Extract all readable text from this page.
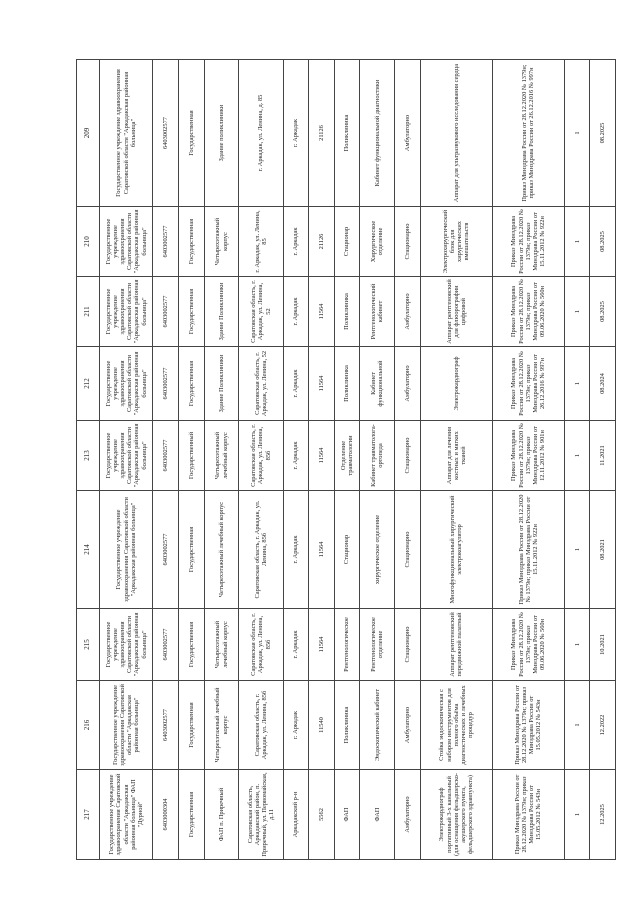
217	216	215	214	213	212	211	210	209
Государственное учреждение здравоохранения Саратовской области "Аркадакская районная больница" ФАП "Дурной"	Государственное учреждение здравоохранения Саратовской области "Аркадакская районная больница"	Государственное учреждение здравоохранения Саратовской области "Аркадакская районная больница"	Государственное учреждение здравоохранения Саратовской области "Аркадакская районная больница"	Государственное учреждение здравоохранения Саратовской области "Аркадакская районная больница"	Государственное учреждение здравоохранения Саратовской области "Аркадакская районная больница"	Государственное учреждение здравоохранения Саратовской области "Аркадакская районная больница"	Государственное учреждение здравоохранения Саратовской области "Аркадакская районная больница"	Государственное учреждение здравоохранения Саратовской области "Аркадакская районная больница"
6403000304	6403002577	6403002577	6403002577	6403002577	6403002577	6403002577	6403002577	6403002577
Государственная	Государственная	Государственная	Государственная	Государственный	Государственная	Государственная	Государственная	Государственная
ФАП п. Приречный	Четырехэтажный лечебный корпус	Четырехэтажный лечебный корпус	Четырехэтажный лечебный корпус	Четырехэтажный лечебный корпус	Здание Поликлиники	Здание Поликлиники	Четырехэтажный корпус	Здание поликлиники
Саратовская область, Аркадакский район, п. Приречный, ул. Первомайская, д.11	Саратовская область, г. Аркадак, ул. Ленина, 85б	Саратовская область, г. Аркадак, ул. Ленина, 85б	Саратовская область, г. Аркадак, ул. Ленина, 85б	Саратовская область, г. Аркадак, ул. Ленина, 85б	Саратовская область, г. Аркадак, ул. Ленина, 52	Саратовская область, г. Аркадак, ул. Ленина, 52	г. Аркадак, ул. Ленина, 85	г. Аркадак, ул. Ленина, д. 85
Аркадакский р-н	г. Аркадак	г. Аркадак	г. Аркадак	г. Аркадак	г. Аркадак	г. Аркадак	г. Аркадак	г. Аркадак
5562	11540	11564	11564	11564	11564	11564	21126	21126
ФАП	Поликлиника	Рентгенологическое	Стационар	Отделение травматологии	Поликлиника	Поликлиника	Стационар	Поликлиника
ФАП	Эндоскопический кабинет	Рентгенологическое отделение	хирургическое отделение	Кабинет травматолога-ортопеда	Кабинет функциональной	Рентгенологический кабинет	Хирургическое отделение	Кабинет функциональной диагностики
Амбулаторно	Амбулаторно	Стационарно	Стационарно	Стационарно	Амбулаторно	Амбулаторно	Стационарно	Амбулаторно
Электрокардиограф портативный 3-х канальный (для оснащения фельдшерско-акушерского пункта, фельдшерского здравпункта)	Стойка эндоскопическая с набором инструментов для полного объёма диагностических и лечебных процедур	Аппарат рентгеновский передвижной палатный	Многофункциональный хирургический электрокоагулятор	Аппарат для лечения костных и мягких тканей	Электрокардиограф	Аппарат рентгеновский для флюорографии цифровой	Электрохирургический блок для хирургических вмешательств	Аппарат для ультразвукового исследования сердца
Приказ Минздрава России от 28.12.2020 № 1379н; приказ Минздрава России от 15.05.2012 № 543н	Приказ Минздрава России от 28.12.2020 № 1379н; приказ Минздрава России от 15.05.2012 № 543н	Приказ Минздрава России от 28.12.2020 № 1379н; приказ Минздрава России от 09.06.2020 № 560н	Приказ Минздрава России от 28.12.2020 № 1379н; приказ Минздрава России от 15.11.2012 № 922н	Приказ Минздрава России от 28.12.2020 № 1379н; приказ Минздрава России от 12.11.2012 № 901н	Приказ Минздрава России от 28.12.2020 № 1379н; приказ Минздрава России от 26.12.2016 № 997н	Приказ Минздрава России от 28.12.2020 № 1379н; приказ Минздрава России от 09.06.2020 № 560н	Приказ Минздрава России от 28.12.2020 № 1379н; приказ Минздрава России от 15.11.2012 № 922н	Приказ Минздрава России от 28.12.2020 № 1379н; приказ Минздрава России от 26.12.2016 № 997н
1	1	1	1	1	1	1	1	1
12.2025	12.2022	10.2021	08.2021	11.2021	08.2024	08.2025	08.2025	08.2025
